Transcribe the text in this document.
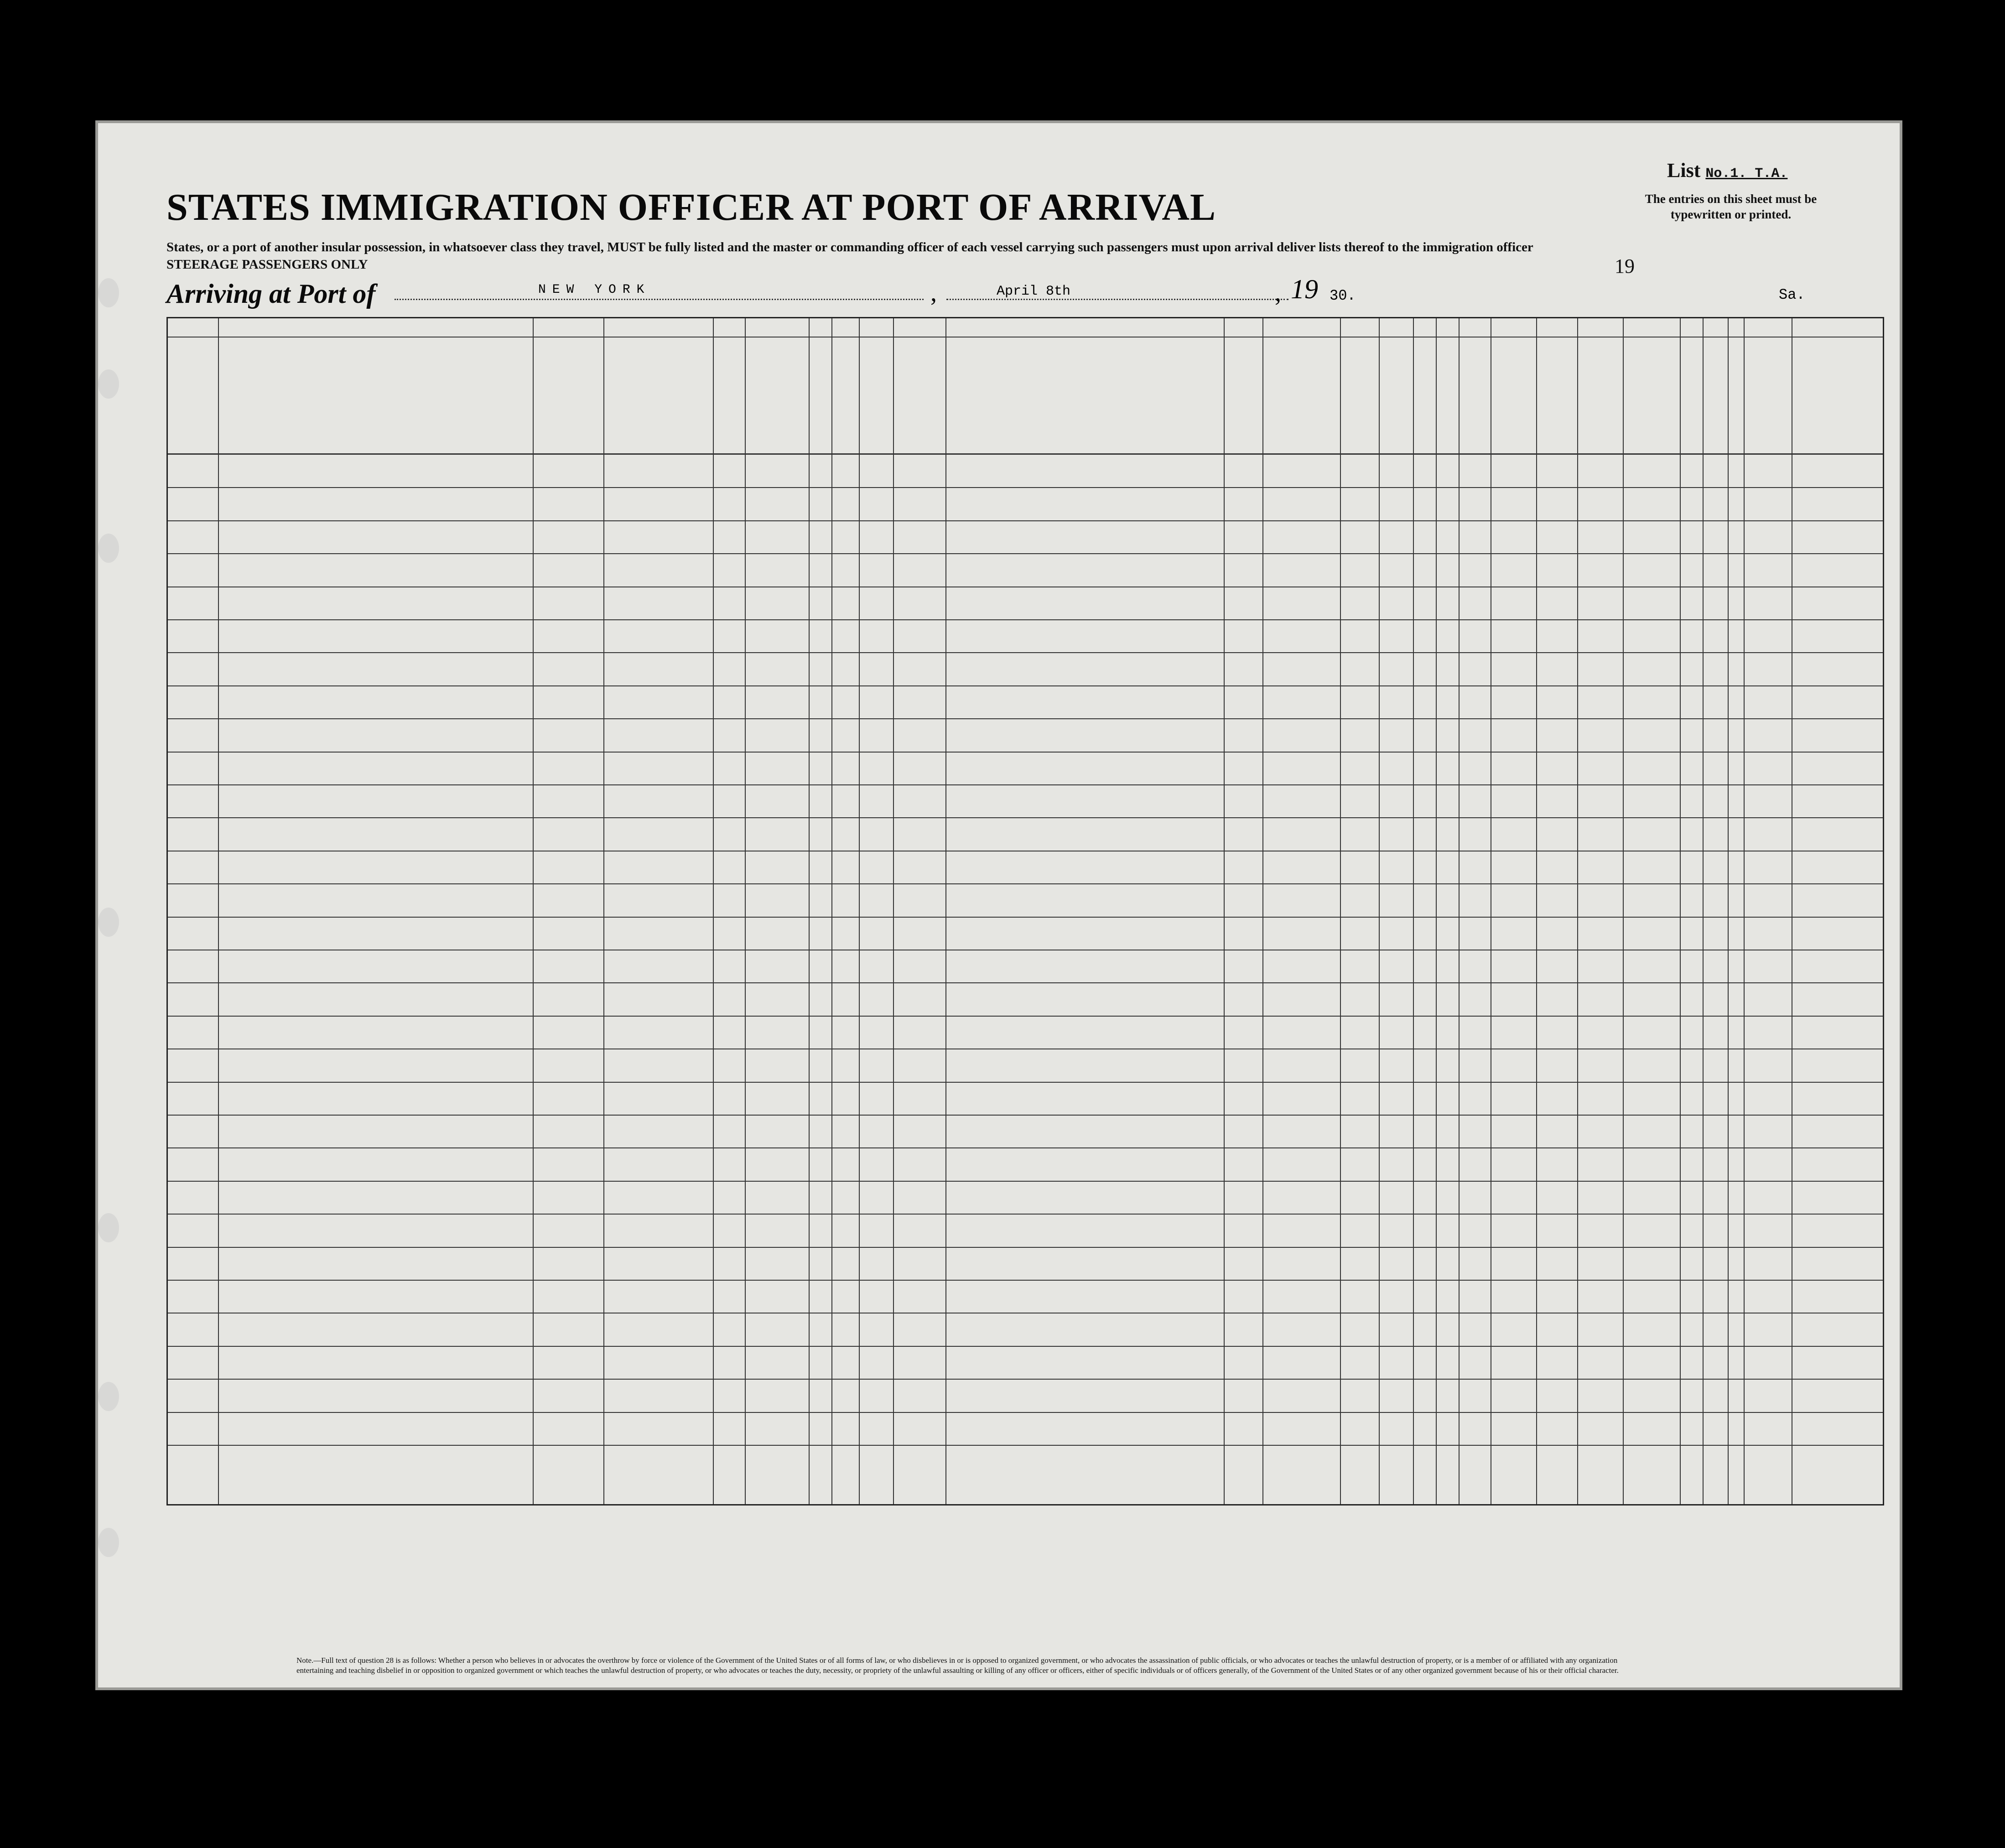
STATES IMMIGRATION OFFICER AT PORT OF ARRIVAL
States, or a port of another insular possession, in whatsoever class they travel, MUST be fully listed and the master or commanding officer of each vessel carrying such passengers must upon arrival deliver lists thereof to the immigration officer
STEERAGE PASSENGERS ONLY
List No.1. T.A.
The entries on this sheet must be typewritten or printed.
19
Arriving at Port of	NEW YORK	,	April 8th	, 19 30.	Sa.
Note.—Full text of question 28 is as follows: Whether a person who believes in or advocates the overthrow by force or violence of the Government of the United States or of all forms of law, or who disbelieves in or is opposed to organized government, or who advocates the assassination of public officials, or who advocates or teaches the unlawful destruction of property, or is a member of or affiliated with any organization entertaining and teaching disbelief in or opposition to organized government or which teaches the unlawful destruction of property, or who advocates or teaches the duty, necessity, or propriety of the unlawful assaulting or killing of any officer or officers, either of specific individuals or of officers generally, of the Government of the United States or of any other organized government because of his or their official character.
14—480
